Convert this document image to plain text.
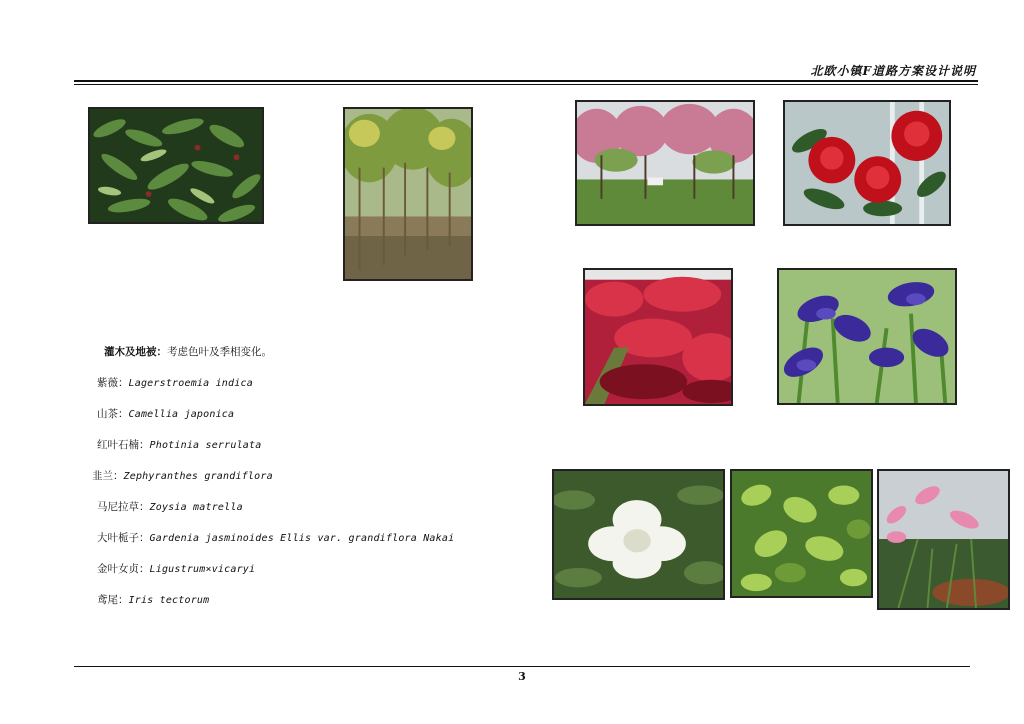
北欧小镇F道路方案设计说明
灌木及地被：考虑色叶及季相变化。
紫薇：Lagerstroemia indica
山茶：Camellia japonica
红叶石楠：Photinia serrulata
韭兰：Zephyranthes grandiflora
马尼拉草：Zoysia matrella
大叶栀子：Gardenia jasminoides Ellis var. grandiflora Nakai
金叶女贞：Ligustrum×vicaryi
鸢尾：Iris tectorum
3
